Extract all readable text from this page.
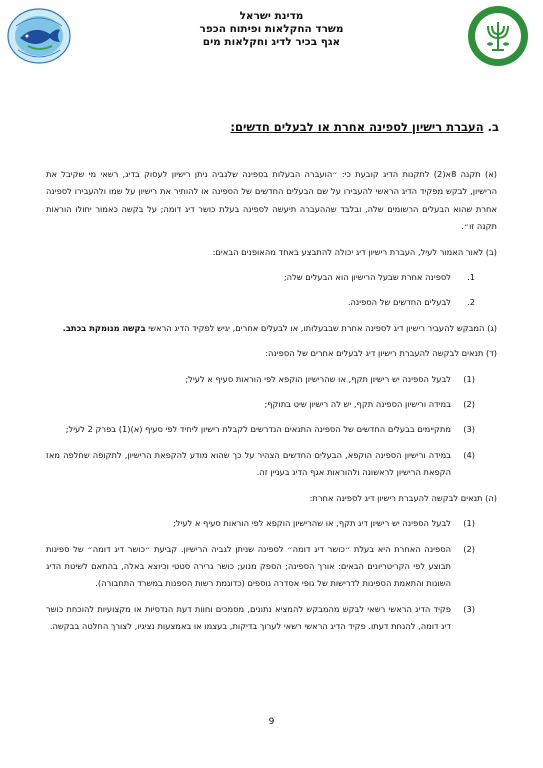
מדינת ישראל
משרד החקלאות ופיתוח הכפר
אגף בכיר לדיג וחקלאות מים
ב. העברת רישיון לספינה אחרת או לבעלים חדשים:

(א) תקנה 8א(2) לתקנות הדיג קובעת כי: ״הועברה הבעלות בספינה שלגביה ניתן רישיון לעסוק בדיג, רשאי מי שקיבל את הרישיון, לבקש מפקיד הדיג הראשי להעבירו על שם הבעלים החדשים של הספינה או להותיר את רישיון על שמו ולהעבירו לספינה אחרת שהוא הבעלים הרשומים שלה, ובלבד שההעברה תיעשה לספינה בעלת כושר דיג דומה; על בקשה כאמור יחולו הוראות תקנה זו״.

(ב) לאור האמור לעיל, העברת רישיון דיג יכולה להתבצע באחד מהאופנים הבאים:

1.
לספינה אחרת שבעל הרישיון הוא הבעלים שלה;
2.
לבעלים החדשים של הספינה.

(ג) המבקש להעביר רישיון דיג לספינה אחרת שבבעלותו, או לבעלים אחרים, יגיש לפקיד הדיג הראשי בקשה מנומקת בכתב.

(ד) תנאים לבקשה להעברת רישיון דיג לבעלים אחרים של הספינה:

(1)
לבעל הספינה יש רישיון תקף, או שהרישיון הוקפא לפי הוראות סעיף א לעיל;
(2)
במידה ורישיון הספינה תקף, יש לה רישיון שיט בתוקף;
(3)
מתקיימים בבעלים החדשים של הספינה התנאים הנדרשים לקבלת רישיון ליחיד לפי סעיף (א)(1) בפרק 2 לעיל;
(4)
במידה ורישיון הספינה הוקפא, הבעלים החדשים הצהיר על כך שהוא מודע להקפאת הרישיון, לתקופה שחלפה מאז הקפאת הרישיון לראשונה ולהוראות אגף הדיג בעניין זה.

(ה) תנאים לבקשה להעברת רישיון דיג לספינה אחרת:

(1)
לבעל הספינה יש רישיון דיג תקף, או שהרישיון הוקפא לפי הוראות סעיף א לעיל;
(2)
הספינה האחרת היא בעלת ״כושר דיג דומה״ לספינה שניתן לגביה הרישיון. קביעת ״כושר דיג דומה״ של ספינות תבוצע לפי הקריטריונים הבאים: אורך הספינה; הספק מנוע; כושר גרירה סטטי וכיוצא באלה, בהתאם לשיטת הדיג השונות והתאמת הספינות לדרישות של גופי אסדרה נוספים (כדוגמת רשות הספנות במשרד התחבורה).
(3)
פקיד הדיג הראשי רשאי לבקש מהמבקש להמציא נתונים, מסמכים וחוות דעת הנדסיות או מקצועיות להוכחת כושר דיג דומה, להנחת דעתו. פקיד הדיג הראשי רשאי לערוך בדיקות, בעצמו או באמצעות נציגיו, לצורך החלטה בבקשה.
9
